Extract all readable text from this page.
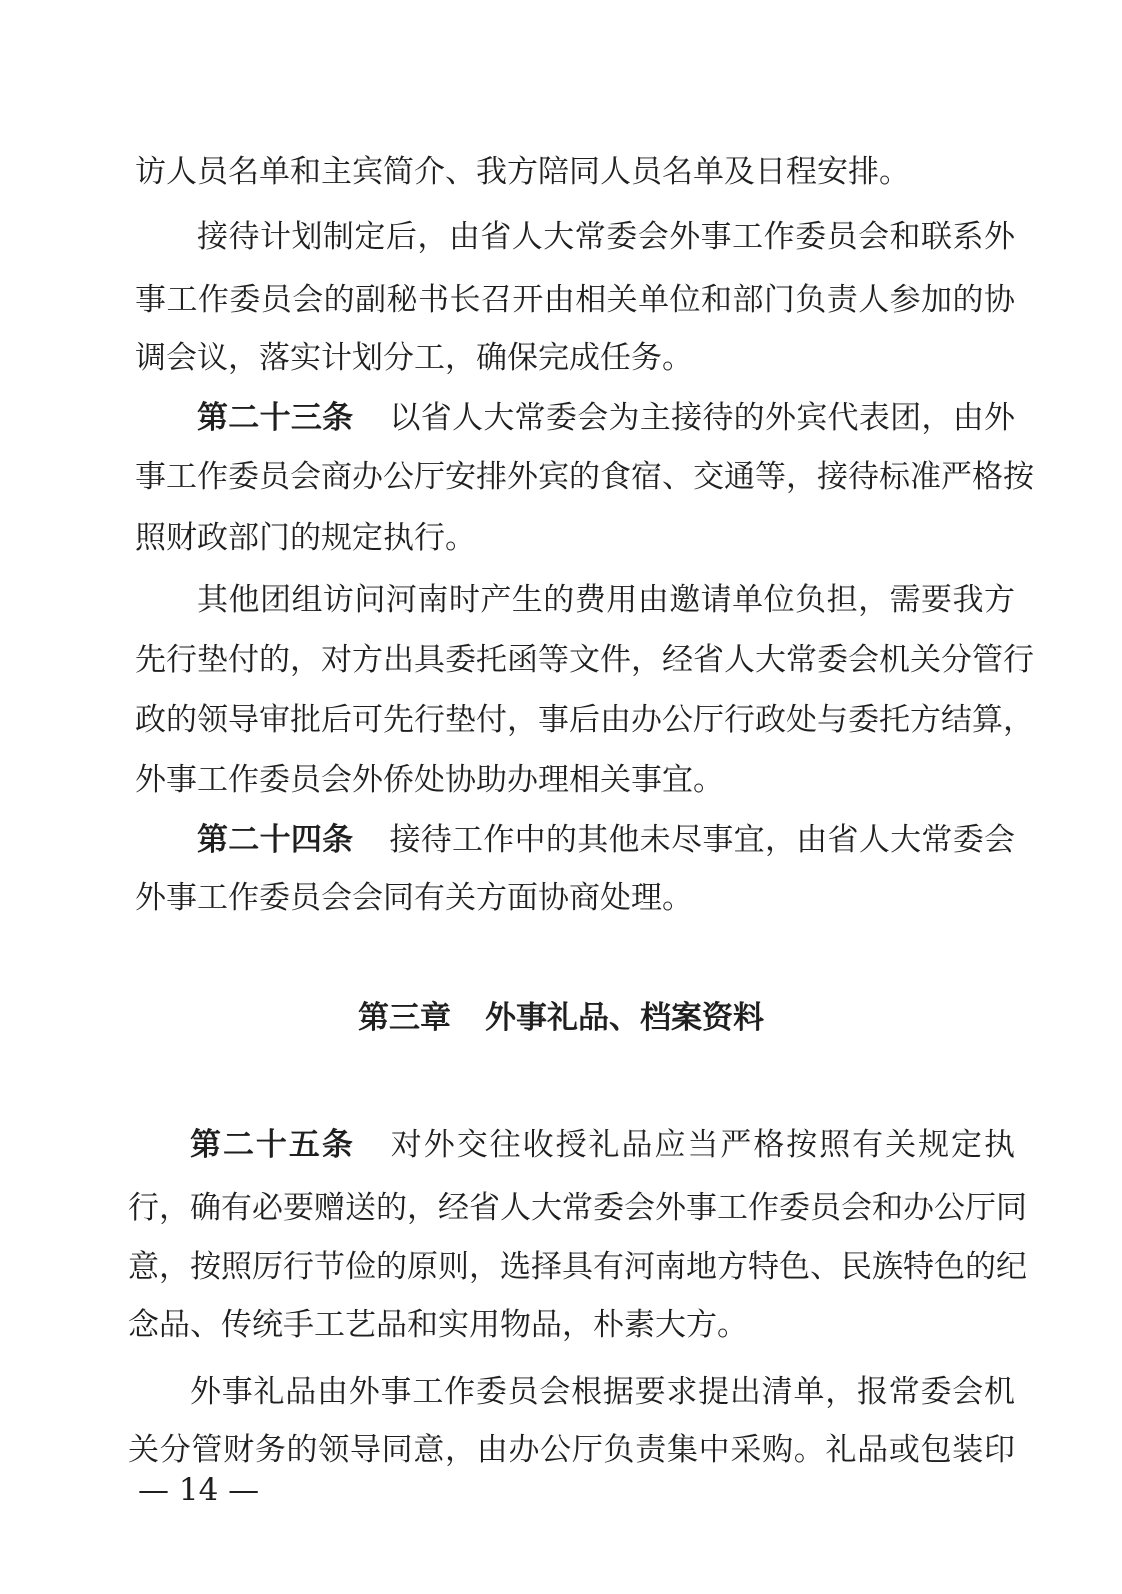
访人员名单和主宾简介、我方陪同人员名单及日程安排。
接待计划制定后，由省人大常委会外事工作委员会和联系外
事工作委员会的副秘书长召开由相关单位和部门负责人参加的协
调会议，落实计划分工，确保完成任务。
第二十三条 以省人大常委会为主接待的外宾代表团，由外
事工作委员会商办公厅安排外宾的食宿、交通等，接待标准严格按
照财政部门的规定执行。
其他团组访问河南时产生的费用由邀请单位负担，需要我方
先行垫付的，对方出具委托函等文件，经省人大常委会机关分管行
政的领导审批后可先行垫付，事后由办公厅行政处与委托方结算，
外事工作委员会外侨处协助办理相关事宜。
第二十四条 接待工作中的其他未尽事宜，由省人大常委会
外事工作委员会会同有关方面协商处理。
第三章 外事礼品、档案资料
第二十五条 对外交往收授礼品应当严格按照有关规定执
行，确有必要赠送的，经省人大常委会外事工作委员会和办公厅同
意，按照厉行节俭的原则，选择具有河南地方特色、民族特色的纪
念品、传统手工艺品和实用物品，朴素大方。
外事礼品由外事工作委员会根据要求提出清单，报常委会机
关分管财务的领导同意，由办公厅负责集中采购。礼品或包装印
— 14 —
